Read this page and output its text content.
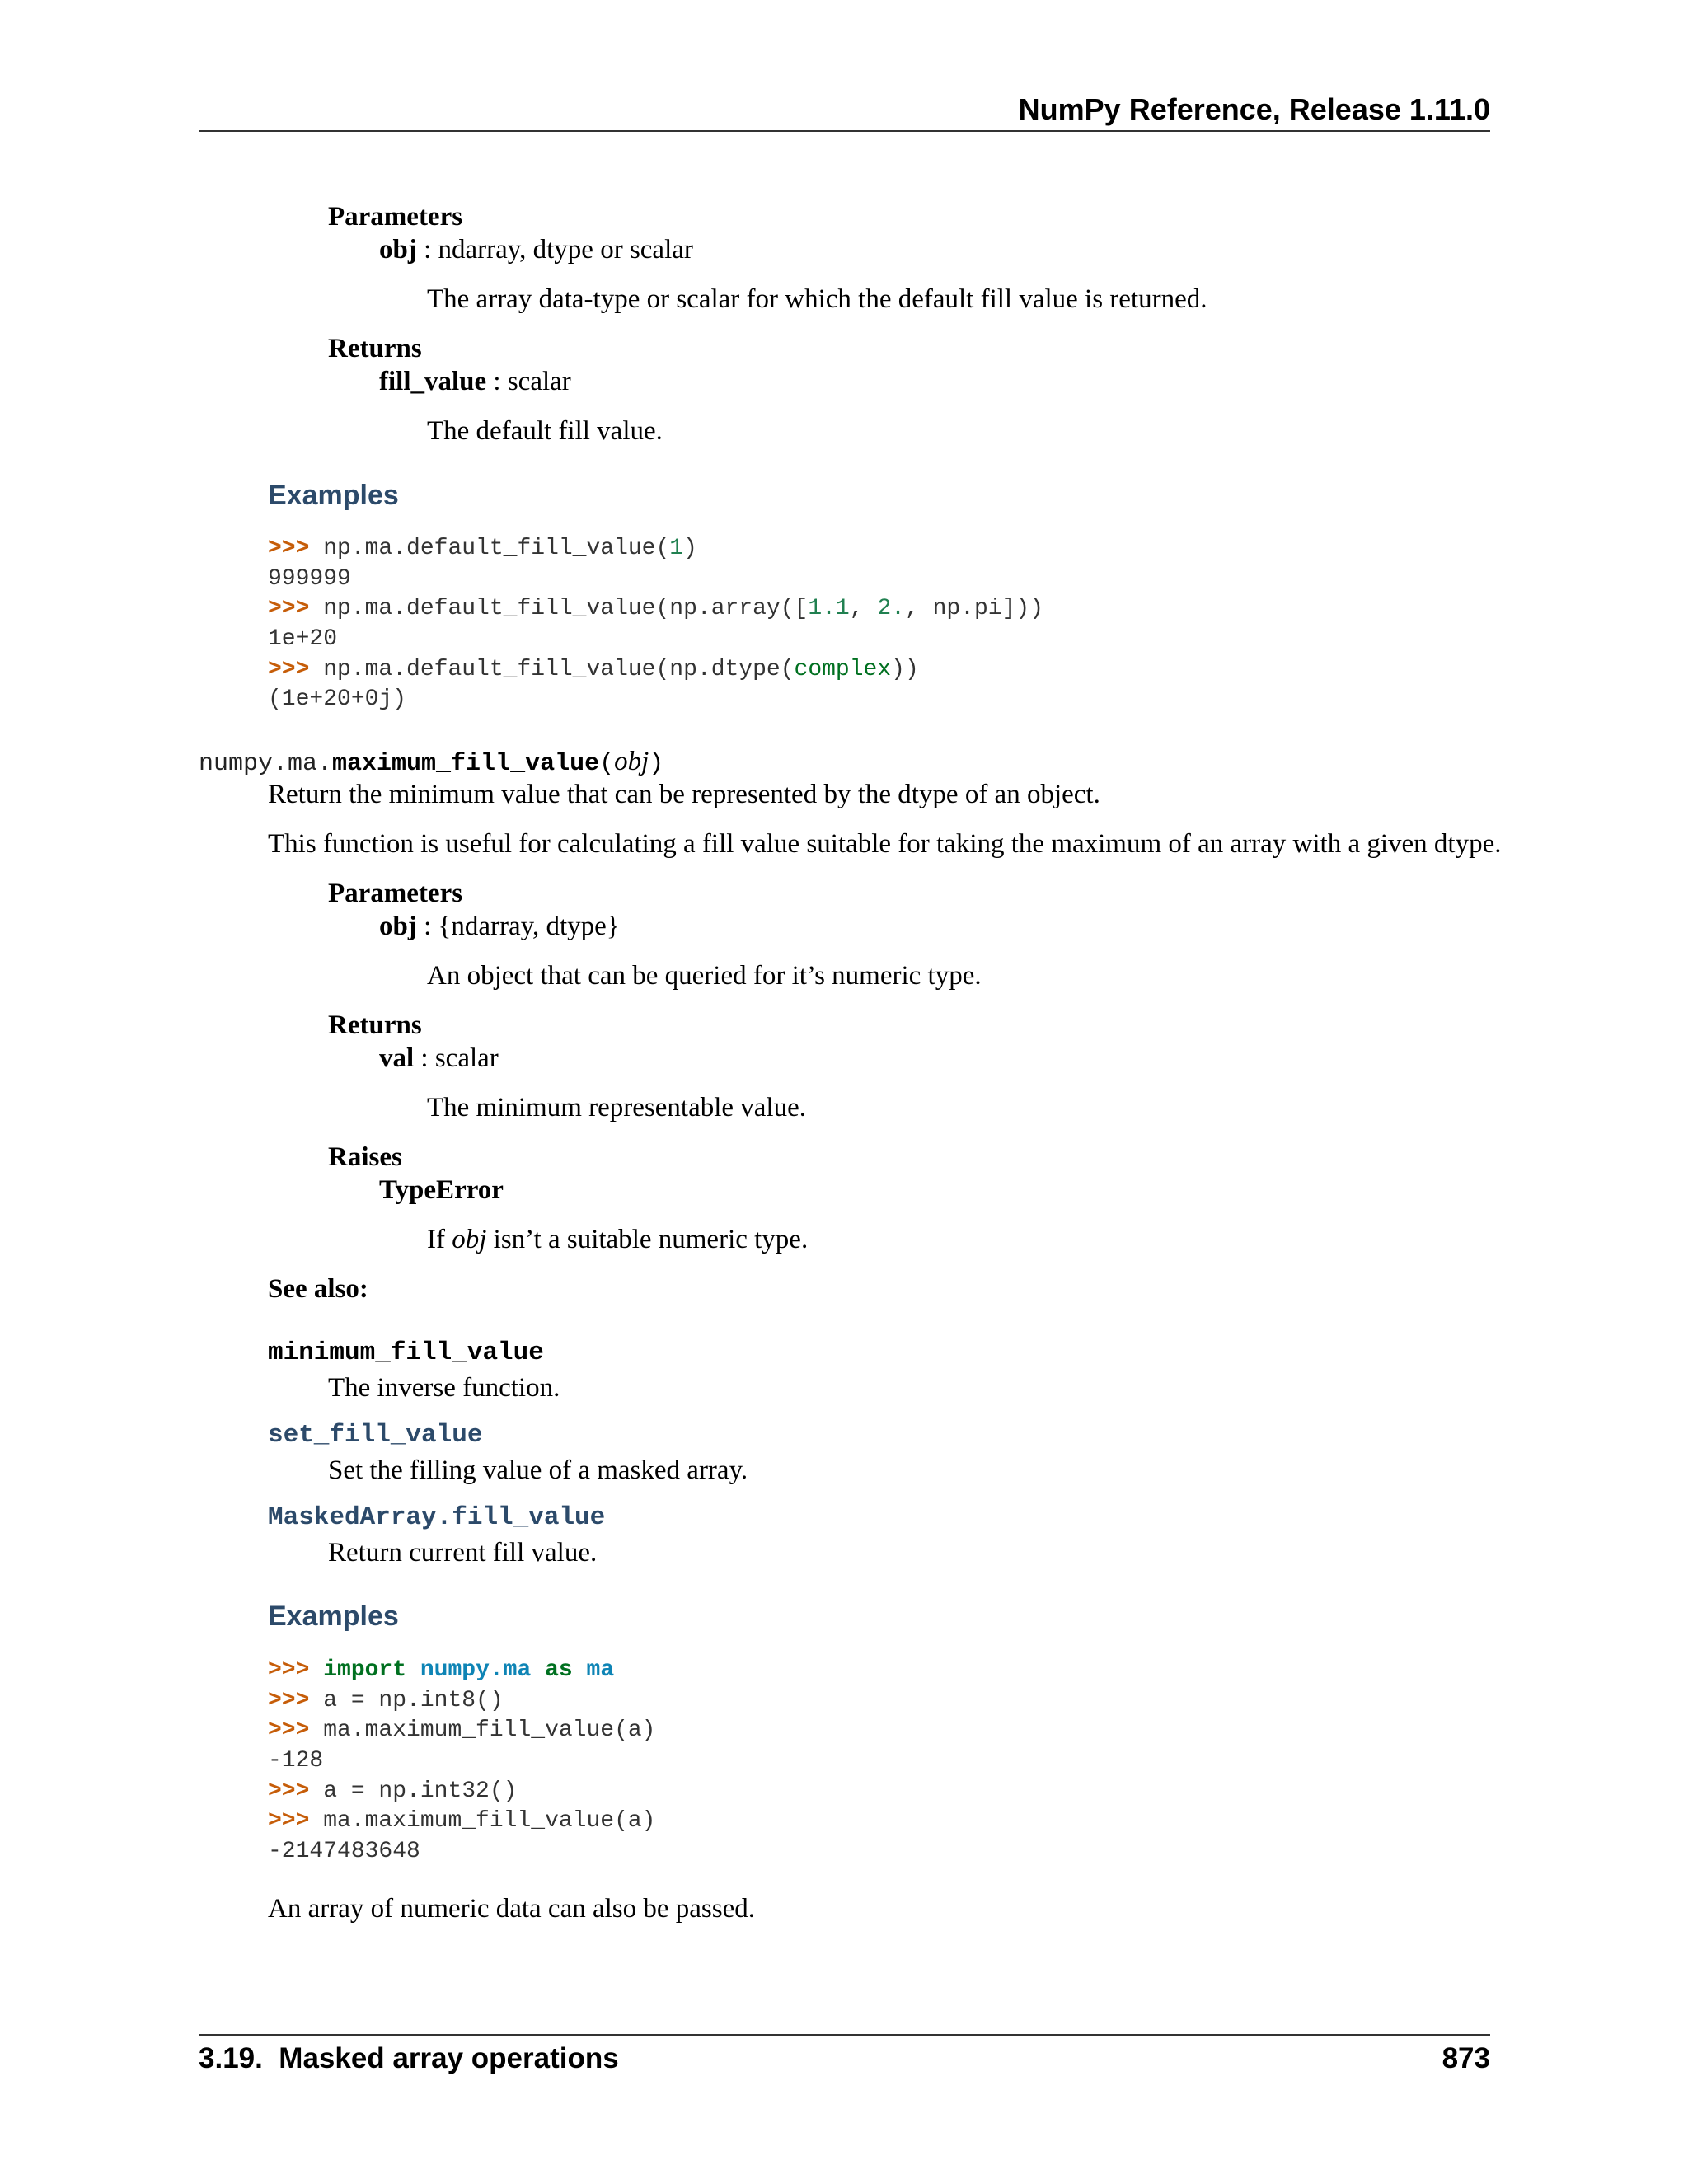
NumPy Reference, Release 1.11.0
Parameters
obj : ndarray, dtype or scalar
The array data-type or scalar for which the default fill value is returned.
Returns
fill_value : scalar
The default fill value.
Examples
>>> np.ma.default_fill_value(1)
999999
>>> np.ma.default_fill_value(np.array([1.1, 2., np.pi]))
1e+20
>>> np.ma.default_fill_value(np.dtype(complex))
(1e+20+0j)
numpy.ma.maximum_fill_value(obj)
Return the minimum value that can be represented by the dtype of an object.
This function is useful for calculating a fill value suitable for taking the maximum of an array with a given dtype.
Parameters
obj : {ndarray, dtype}
An object that can be queried for it’s numeric type.
Returns
val : scalar
The minimum representable value.
Raises
TypeError
If obj isn’t a suitable numeric type.
See also:
minimum_fill_value
The inverse function.
set_fill_value
Set the filling value of a masked array.
MaskedArray.fill_value
Return current fill value.
Examples
>>> import numpy.ma as ma
>>> a = np.int8()
>>> ma.maximum_fill_value(a)
-128
>>> a = np.int32()
>>> ma.maximum_fill_value(a)
-2147483648
An array of numeric data can also be passed.
3.19.  Masked array operations	873
